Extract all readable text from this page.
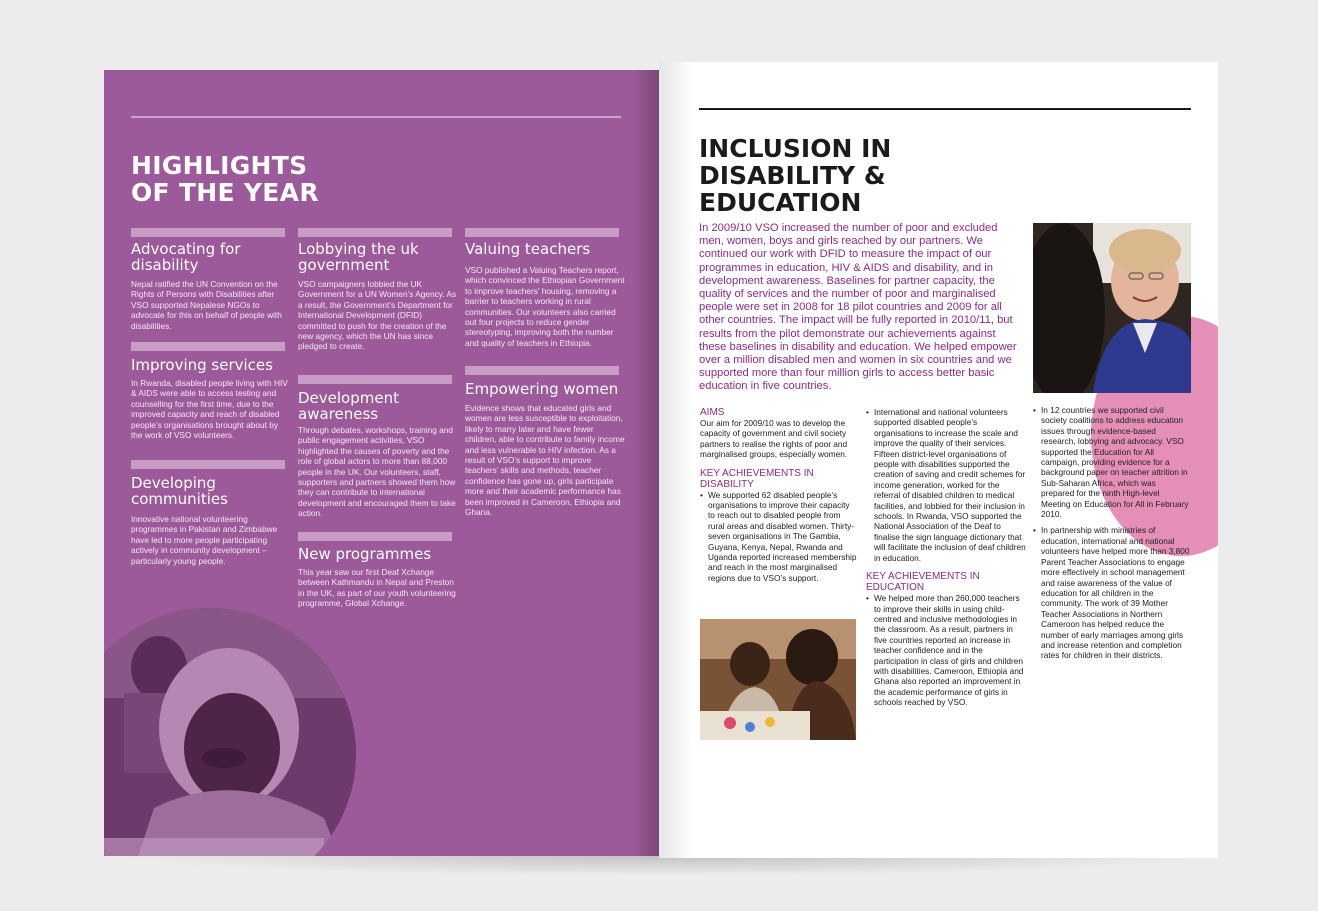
HIGHLIGHTS
OF THE YEAR
Advocating for disability

Nepal ratified the UN Convention on the Rights of Persons with Disabilities after VSO supported Nepalese NGOs to advocate for this on behalf of people with disabilities.

Improving services

In Rwanda, disabled people living with HIV & AIDS were able to access testing and counselling for the first time, due to the improved capacity and reach of disabled people’s organisations brought about by the work of VSO volunteers.

Developing communities

Innovative national volunteering programmes in Pakistan and Zimbabwe have led to more people participating actively in community development – particularly young people.

Lobbying the uk government

VSO campaigners lobbied the UK Government for a UN Women’s Agency. As a result, the Government’s Department for International Development (DFID) committed to push for the creation of the new agency, which the UN has since pledged to create.

Development awareness

Through debates, workshops, training and public engagement activities, VSO highlighted the causes of poverty and the role of global actors to more than 88,000 people in the UK. Our volunteers, staff, supporters and partners showed them how they can contribute to international development and encouraged them to take action.

New programmes

This year saw our first Deaf Xchange between Kathmandu in Nepal and Preston in the UK, as part of our youth volunteering programme, Global Xchange.

Valuing teachers

VSO published a Valuing Teachers report, which convinced the Ethiopian Government to improve teachers’ housing, removing a barrier to teachers working in rural communities. Our volunteers also carried out four projects to reduce gender stereotyping, improving both the number and quality of teachers in Ethiopia.

Empowering women

Evidence shows that educated girls and women are less susceptible to exploitation, likely to marry later and have fewer children, able to contribute to family income and less vulnerable to HIV infection. As a result of VSO’s support to improve teachers’ skills and methods, teacher confidence has gone up, girls participate more and their academic performance has been improved in Cameroon, Ethiopia and Ghana.

INCLUSION IN
DISABILITY &
EDUCATION

In 2009/10 VSO increased the number of poor and excluded men, women, boys and girls reached by our partners. We continued our work with DFID to measure the impact of our programmes in education, HIV & AIDS and disability, and in development awareness. Baselines for partner capacity, the quality of services and the number of poor and marginalised people were set in 2008 for 18 pilot countries and 2009 for all other countries. The impact will be fully reported in 2010/11, but results from the pilot demonstrate our achievements against these baselines in disability and education. We helped empower over a million disabled men and women in six countries and we supported more than four million girls to access better basic education in five countries.

AIMS

Our aim for 2009/10 was to develop the capacity of government and civil society partners to realise the rights of poor and marginalised groups, especially women.

KEY ACHIEVEMENTS IN DISABILITY

• We supported 62 disabled people’s organisations to improve their capacity to reach out to disabled people from rural areas and disabled women. Thirty-seven organisations in The Gambia, Guyana, Kenya, Nepal, Rwanda and Uganda reported increased membership and reach in the most marginalised regions due to VSO’s support.

• International and national volunteers supported disabled people’s organisations to increase the scale and improve the quality of their services. Fifteen district-level organisations of people with disabilities supported the creation of saving and credit schemes for income generation, worked for the referral of disabled children to medical facilities, and lobbied for their inclusion in schools. In Rwanda, VSO supported the National Association of the Deaf to finalise the sign language dictionary that will facilitate the inclusion of deaf children in education.

KEY ACHIEVEMENTS IN EDUCATION

• We helped more than 260,000 teachers to improve their skills in using child-centred and inclusive methodologies in the classroom. As a result, partners in five countries reported an increase in teacher confidence and in the participation in class of girls and children with disabilities. Cameroon, Ethiopia and Ghana also reported an improvement in the academic performance of girls in schools reached by VSO.

• In 12 countries we supported civil society coalitions to address education issues through evidence-based research, lobbying and advocacy. VSO supported the Education for All campaign, providing evidence for a background paper on teacher attrition in Sub-Saharan Africa, which was prepared for the ninth High-level Meeting on Education for All in February 2010.

• In partnership with ministries of education, international and national volunteers have helped more than 3,800 Parent Teacher Associations to engage more effectively in school management and raise awareness of the value of education for all children in the community. The work of 39 Mother Teacher Associations in Northern Cameroon has helped reduce the number of early marriages among girls and increase retention and completion rates for children in their districts.
